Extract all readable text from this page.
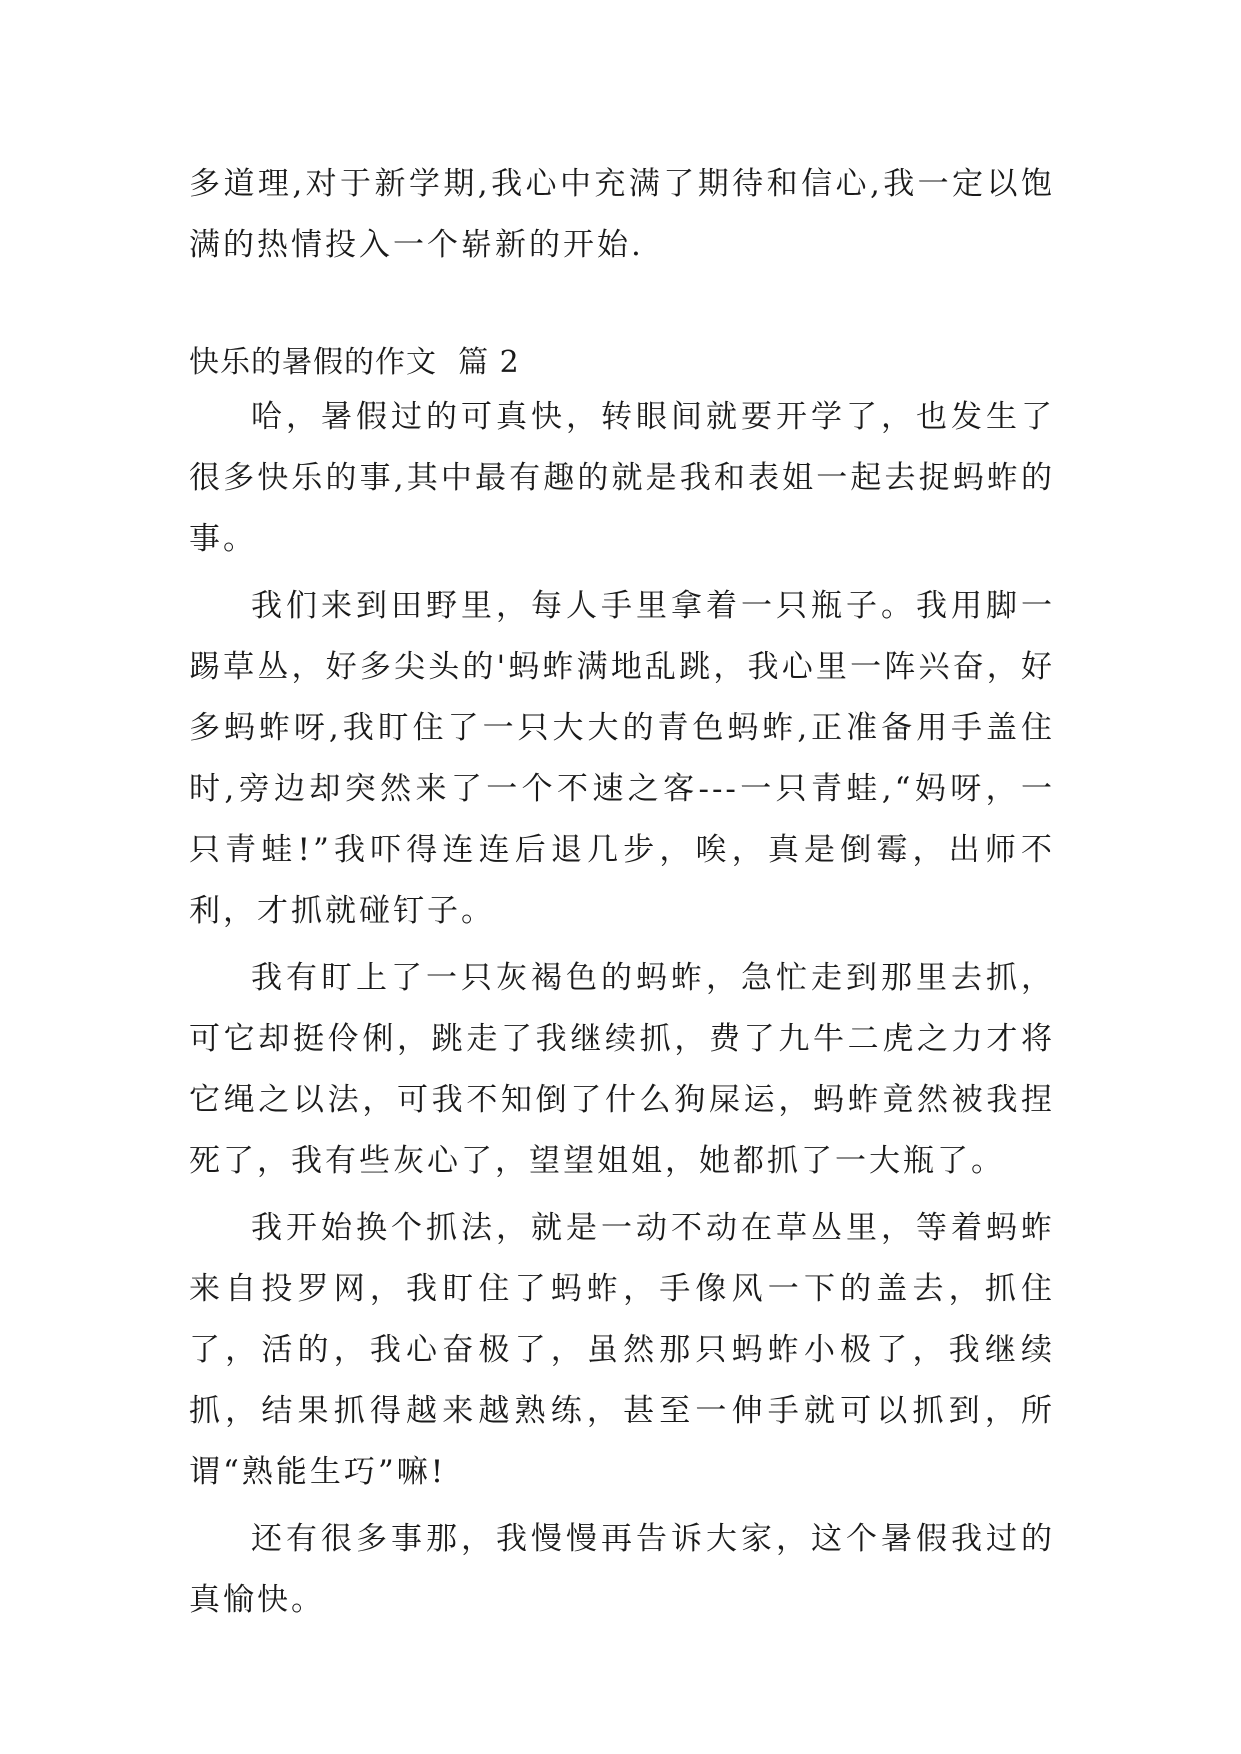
多道理,对于新学期,我心中充满了期待和信心,我一定以饱满的热情投入一个崭新的开始.

快乐的暑假的作文  篇 2

哈，暑假过的可真快，转眼间就要开学了，也发生了很多快乐的事,其中最有趣的就是我和表姐一起去捉蚂蚱的事。

我们来到田野里，每人手里拿着一只瓶子。我用脚一踢草丛，好多尖头的'蚂蚱满地乱跳，我心里一阵兴奋，好多蚂蚱呀,我盯住了一只大大的青色蚂蚱,正准备用手盖住时,旁边却突然来了一个不速之客---一只青蛙,“妈呀，一只青蛙!”我吓得连连后退几步，唉，真是倒霉，出师不利，才抓就碰钉子。

我有盯上了一只灰褐色的蚂蚱，急忙走到那里去抓，可它却挺伶俐，跳走了我继续抓，费了九牛二虎之力才将它绳之以法，可我不知倒了什么狗屎运，蚂蚱竟然被我捏死了，我有些灰心了，望望姐姐，她都抓了一大瓶了。

我开始换个抓法，就是一动不动在草丛里，等着蚂蚱来自投罗网，我盯住了蚂蚱，手像风一下的盖去，抓住了，活的，我心奋极了，虽然那只蚂蚱小极了，我继续抓，结果抓得越来越熟练，甚至一伸手就可以抓到，所谓“熟能生巧”嘛!

还有很多事那，我慢慢再告诉大家，这个暑假我过的真愉快。
